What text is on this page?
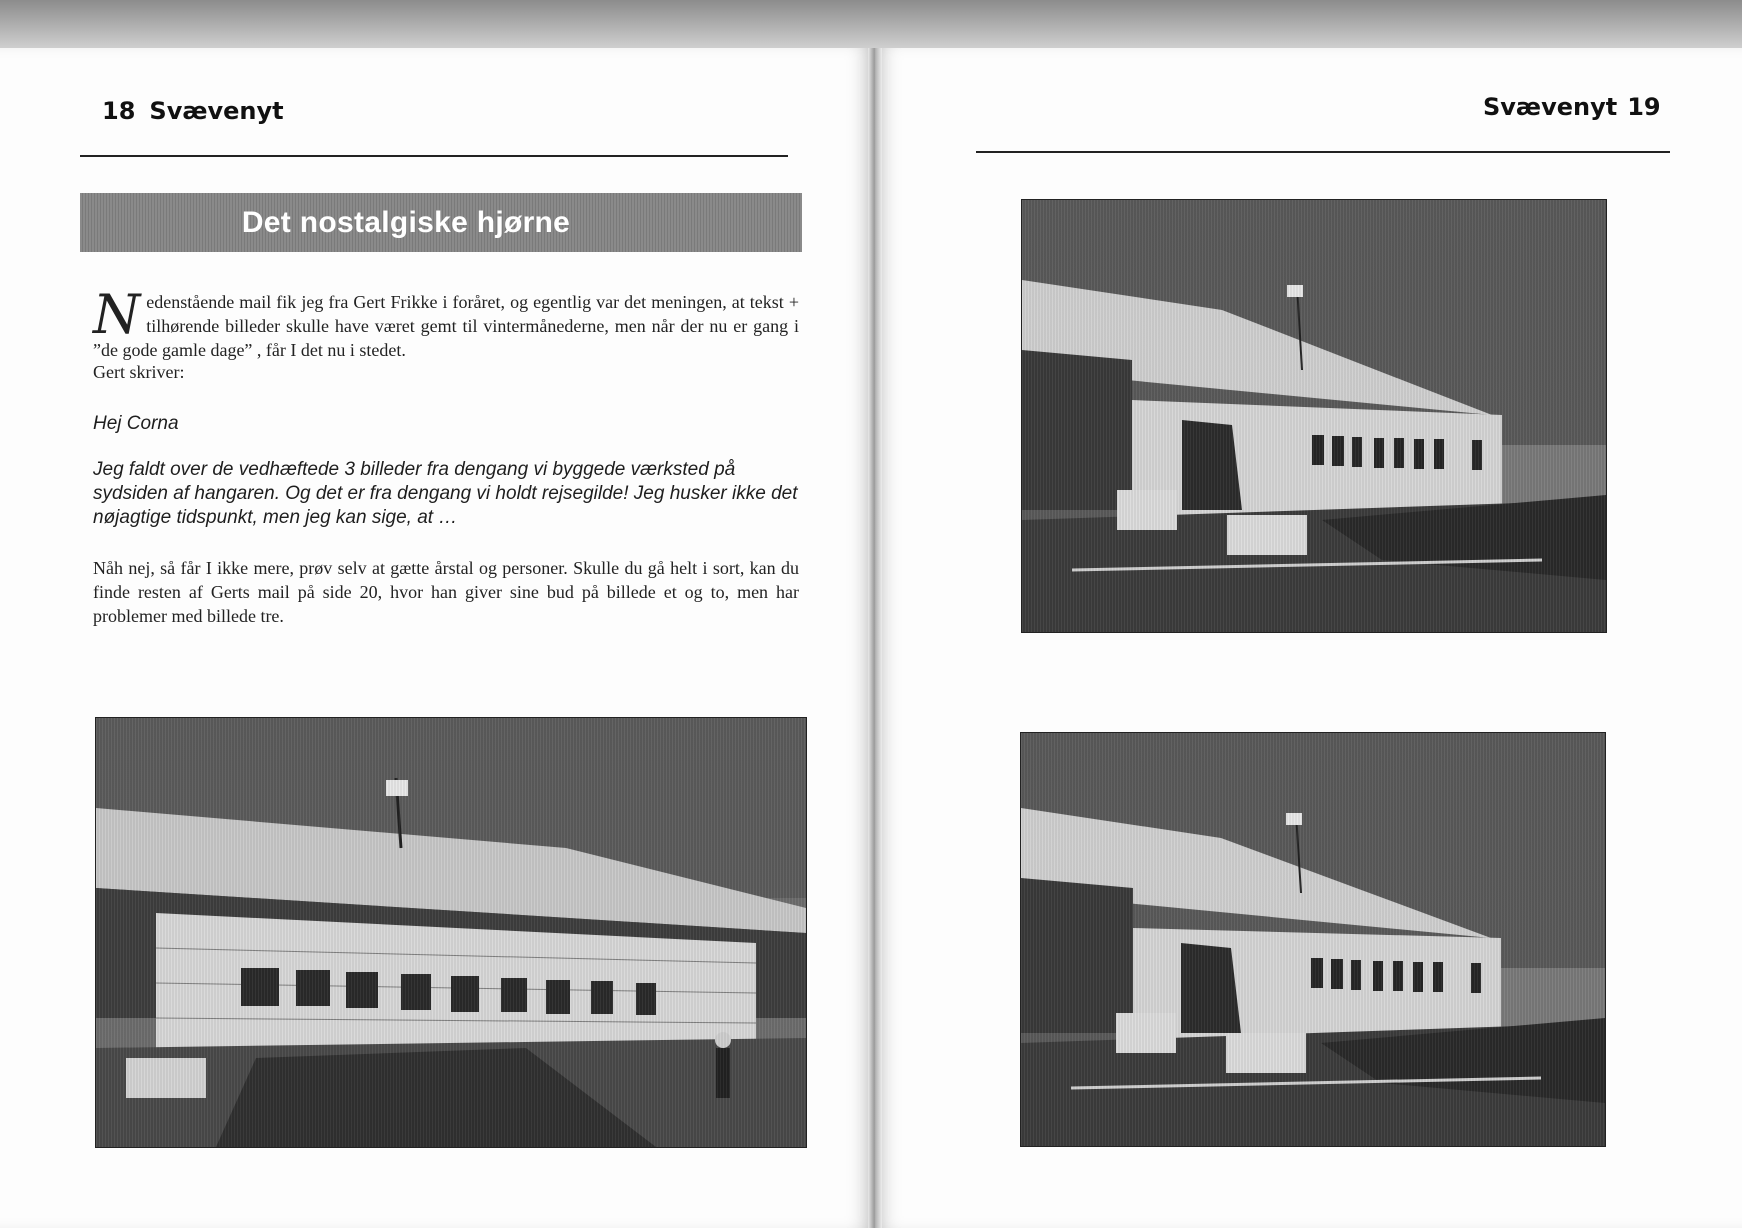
18 Svævenyt
Det nostalgiske hjørne
Nedenstående mail fik jeg fra Gert Frikke i foråret, og egentlig var det meningen, at tekst + tilhørende billeder skulle have været gemt til vintermånederne, men når der nu er gang i ”de gode gamle dage” , får I det nu i stedet.
Gert skriver:
Hej Corna
Jeg faldt over de vedhæftede 3 billeder fra dengang vi byggede værksted på sydsiden af hangaren. Og det er fra dengang vi holdt rejsegilde! Jeg husker ikke det nøjagtige tidspunkt, men jeg kan sige, at …
Nåh nej, så får I ikke mere, prøv selv at gætte årstal og personer. Skulle du gå helt i sort, kan du finde resten af Gerts mail på side 20, hvor han giver sine bud på billede et og to, men har problemer med billede tre.
Svævenyt 19
